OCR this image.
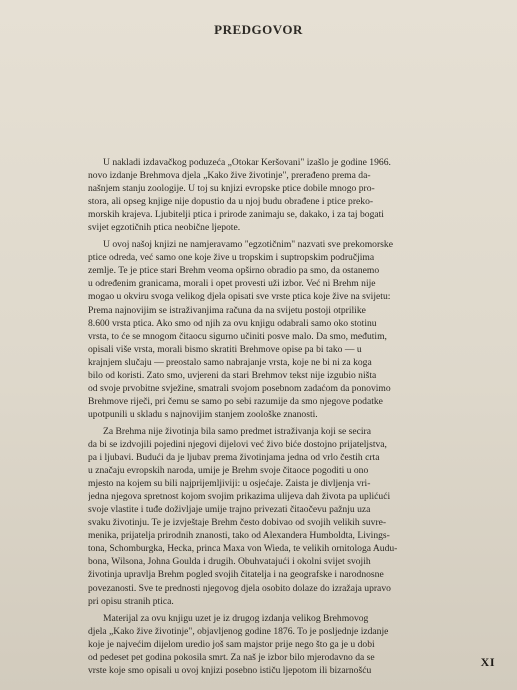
PREDGOVOR
U nakladi izdavačkog poduzeća „Otokar Keršovani" izašlo je godine 1966.
novo izdanje Brehmova djela „Kako žive životinje", prerađeno prema da-
našnjem stanju zoologije. U toj su knjizi evropske ptice dobile mnogo pro-
stora, ali opseg knjige nije dopustio da u njoj budu obrađene i ptice preko-
morskih krajeva. Ljubitelji ptica i prirode zanimaju se, dakako, i za taj bogati
svijet egzotičnih ptica neobične ljepote.
U ovoj našoj knjizi ne namjeravamo "egzotičnim" nazvati sve prekomorske
ptice odreda, već samo one koje žive u tropskim i suptropskim područjima
zemlje. Te je ptice stari Brehm veoma opširno obradio pa smo, da ostanemo
u određenim granicama, morali i opet provesti uži izbor. Već ni Brehm nije
mogao u okviru svoga velikog djela opisati sve vrste ptica koje žive na svijetu:
Prema najnovijim se istraživanjima računa da na svijetu postoji otprilike
8.600 vrsta ptica. Ako smo od njih za ovu knjigu odabrali samo oko stotinu
vrsta, to će se mnogom čitaocu sigurno učiniti posve malo. Da smo, međutim,
opisali više vrsta, morali bismo skratiti Brehmove opise pa bi tako — u
krajnjem slučaju — preostalo samo nabrajanje vrsta, koje ne bi ni za koga
bilo od koristi. Zato smo, uvjereni da stari Brehmov tekst nije izgubio ništa
od svoje prvobitne svježine, smatrali svojom posebnom zadaćom da ponovimo
Brehmove riječi, pri čemu se samo po sebi razumije da smo njegove podatke
upotpunili u skladu s najnovijim stanjem zoološke znanosti.
Za Brehma nije životinja bila samo predmet istraživanja koji se secira
da bi se izdvojili pojedini njegovi dijelovi već živo biće dostojno prijateljstva,
pa i ljubavi. Budući da je ljubav prema životinjama jedna od vrlo čestih crta
u značaju evropskih naroda, umije je Brehm svoje čitaoce pogoditi u ono
mjesto na kojem su bili najprijemljiviji: u osjećaje. Zaista je divljenja vri-
jedna njegova spretnost kojom svojim prikazima ulijeva dah života pa uplićući
svoje vlastite i tuđe doživljaje umije trajno privezati čitaočevu pažnju uza
svaku životinju. Te je izvještaje Brehm često dobivao od svojih velikih suvre-
menika, prijatelja prirodnih znanosti, tako od Alexandera Humboldta, Livings-
tona, Schomburgka, Hecka, princa Maxa von Wieda, te velikih ornitologa Audu-
bona, Wilsona, Johna Goulda i drugih. Obuhvatajući i okolni svijet svojih
životinja upravlja Brehm pogled svojih čitatelja i na geografske i narodnosne
povezanosti. Sve te prednosti njegovog djela osobito dolaze do izražaja upravo
pri opisu stranih ptica.
Materijal za ovu knjigu uzet je iz drugog izdanja velikog Brehmovog
djela „Kako žive životinje", objavljenog godine 1876. To je posljednje izdanje
koje je najvećim dijelom uredio još sam majstor prije nego što ga je u dobi
od pedeset pet godina pokosila smrt. Za naš je izbor bilo mjerodavno da se
vrste koje smo opisali u ovoj knjizi posebno ističu ljepotom ili bizarnošću
XI
